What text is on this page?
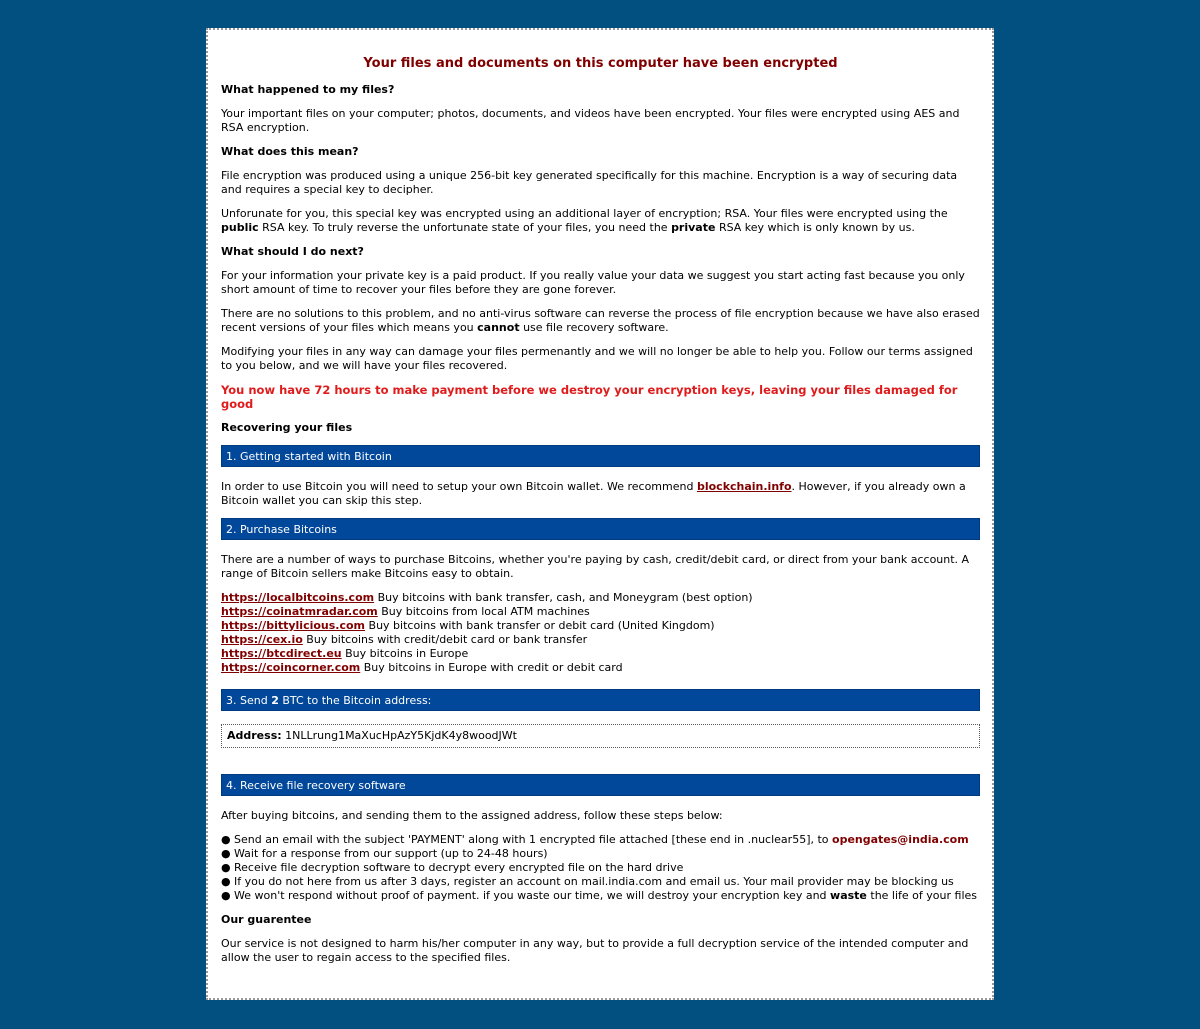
Your files and documents on this computer have been encrypted
What happened to my files?

Your important files on your computer; photos, documents, and videos have been encrypted. Your files were encrypted using AES and RSA encryption.

What does this mean?

File encryption was produced using a unique 256-bit key generated specifically for this machine. Encryption is a way of securing data and requires a special key to decipher.

Unforunate for you, this special key was encrypted using an additional layer of encryption; RSA. Your files were encrypted using the public RSA key. To truly reverse the unfortunate state of your files, you need the private RSA key which is only known by us.

What should I do next?

For your information your private key is a paid product. If you really value your data we suggest you start acting fast because you only short amount of time to recover your files before they are gone forever.

There are no solutions to this problem, and no anti-virus software can reverse the process of file encryption because we have also erased recent versions of your files which means you cannot use file recovery software.

Modifying your files in any way can damage your files permenantly and we will no longer be able to help you. Follow our terms assigned to you below, and we will have your files recovered.

You now have 72 hours to make payment before we destroy your encryption keys, leaving your files damaged for good

Recovering your files
1. Getting started with Bitcoin

In order to use Bitcoin you will need to setup your own Bitcoin wallet. We recommend blockchain.info. However, if you already own a Bitcoin wallet you can skip this step.

2. Purchase Bitcoins

There are a number of ways to purchase Bitcoins, whether you're paying by cash, credit/debit card, or direct from your bank account. A range of Bitcoin sellers make Bitcoins easy to obtain.

https://localbitcoins.com Buy bitcoins with bank transfer, cash, and Moneygram (best option)
https://coinatmradar.com Buy bitcoins from local ATM machines
https://bittylicious.com Buy bitcoins with bank transfer or debit card (United Kingdom)
https://cex.io Buy bitcoins with credit/debit card or bank transfer
https://btcdirect.eu Buy bitcoins in Europe
https://coincorner.com Buy bitcoins in Europe with credit or debit card
3. Send 2 BTC to the Bitcoin address:
Address: 1NLLrung1MaXucHpAzY5KjdK4y8woodJWt
4. Receive file recovery software

After buying bitcoins, and sending them to the assigned address, follow these steps below:

● Send an email with the subject 'PAYMENT' along with 1 encrypted file attached [these end in .nuclear55], to opengates@india.com
● Wait for a response from our support (up to 24-48 hours)
● Receive file decryption software to decrypt every encrypted file on the hard drive
● If you do not here from us after 3 days, register an account on mail.india.com and email us. Your mail provider may be blocking us
● We won't respond without proof of payment. if you waste our time, we will destroy your encryption key and waste the life of your files
Our guarentee

Our service is not designed to harm his/her computer in any way, but to provide a full decryption service of the intended computer and allow the user to regain access to the specified files.
